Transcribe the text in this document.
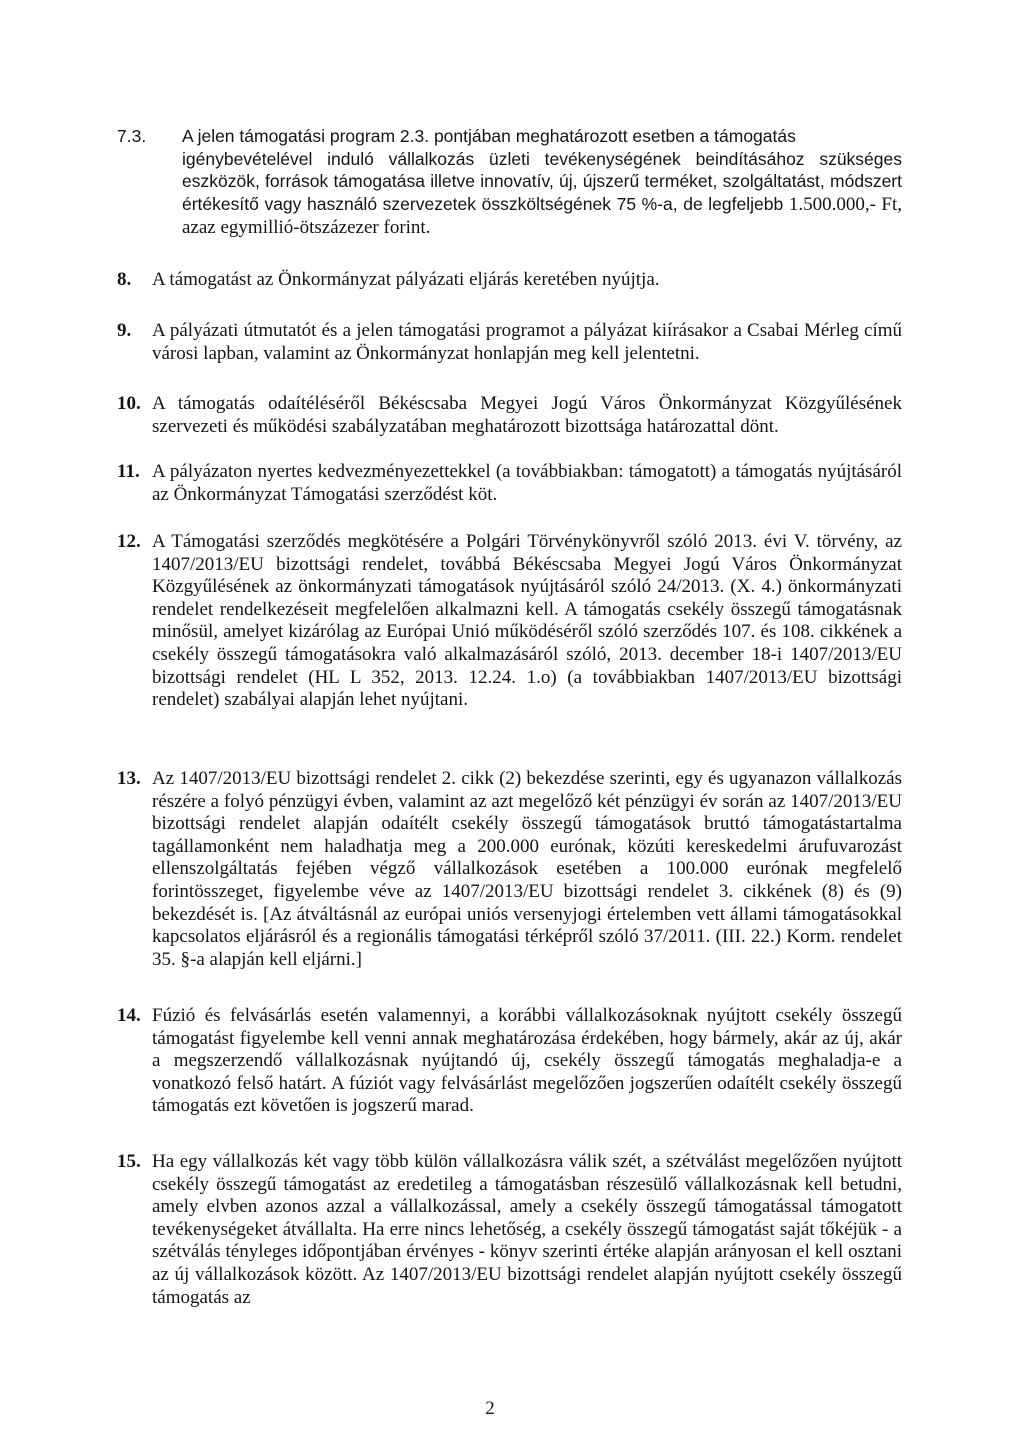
7.3.	A jelen támogatási program 2.3. pontjában meghatározott esetben a támogatás
igénybevételével induló vállalkozás üzleti tevékenységének beindításához szükséges eszközök, források támogatása illetve innovatív, új, újszerű terméket, szolgáltatást, módszert értékesítő vagy használó szervezetek összköltségének 75 %-a, de legfeljebb 1.500.000,- Ft, azaz egymillió-ötszázezer forint.
8.	A támogatást az Önkormányzat pályázati eljárás keretében nyújtja.
9.	A pályázati útmutatót és a jelen támogatási programot a pályázat kiírásakor a Csabai Mérleg című városi lapban, valamint az Önkormányzat honlapján meg kell jelentetni.
10. A támogatás odaítéléséről Békéscsaba Megyei Jogú Város Önkormányzat Közgyűlésének szervezeti és működési szabályzatában meghatározott bizottsága határozattal dönt.
11. A pályázaton nyertes kedvezményezettekkel (a továbbiakban: támogatott) a támogatás nyújtásáról az Önkormányzat Támogatási szerződést köt.
12. A Támogatási szerződés megkötésére a Polgári Törvénykönyvről szóló 2013. évi V. törvény, az 1407/2013/EU bizottsági rendelet, továbbá Békéscsaba Megyei Jogú Város Önkormányzat Közgyűlésének az önkormányzati támogatások nyújtásáról szóló 24/2013. (X. 4.) önkormányzati rendelet rendelkezéseit megfelelően alkalmazni kell. A támogatás csekély összegű támogatásnak minősül, amelyet kizárólag az Európai Unió működéséről szóló szerződés 107. és 108. cikkének a csekély összegű támogatásokra való alkalmazásáról szóló, 2013. december 18-i 1407/2013/EU bizottsági rendelet (HL L 352, 2013. 12.24. 1.o) (a továbbiakban 1407/2013/EU bizottsági rendelet) szabályai alapján lehet nyújtani.
13. Az 1407/2013/EU bizottsági rendelet 2. cikk (2) bekezdése szerinti, egy és ugyanazon vállalkozás részére a folyó pénzügyi évben, valamint az azt megelőző két pénzügyi év során az 1407/2013/EU bizottsági rendelet alapján odaítélt csekély összegű támogatások bruttó támogatástartalma tagállamonként nem haladhatja meg a 200.000 eurónak, közúti kereskedelmi árufuvarozást ellenszolgáltatás fejében végző vállalkozások esetében a 100.000 eurónak megfelelő forintösszeget, figyelembe véve az 1407/2013/EU bizottsági rendelet 3. cikkének (8) és (9) bekezdését is. [Az átváltásnál az európai uniós versenyjogi értelemben vett állami támogatásokkal kapcsolatos eljárásról és a regionális támogatási térképről szóló 37/2011. (III. 22.) Korm. rendelet 35. §-a alapján kell eljárni.]
14. Fúzió és felvásárlás esetén valamennyi, a korábbi vállalkozásoknak nyújtott csekély összegű támogatást figyelembe kell venni annak meghatározása érdekében, hogy bármely, akár az új, akár a megszerzendő vállalkozásnak nyújtandó új, csekély összegű támogatás meghaladja-e a vonatkozó felső határt. A fúziót vagy felvásárlást megelőzően jogszerűen odaítélt csekély összegű támogatás ezt követően is jogszerű marad.
15. Ha egy vállalkozás két vagy több külön vállalkozásra válik szét, a szétválást megelőzően nyújtott csekély összegű támogatást az eredetileg a támogatásban részesülő vállalkozásnak kell betudni, amely elvben azonos azzal a vállalkozással, amely a csekély összegű támogatással támogatott tevékenységeket átvállalta. Ha erre nincs lehetőség, a csekély összegű támogatást saját tőkéjük - a szétválás tényleges időpontjában érvényes - könyv szerinti értéke alapján arányosan el kell osztani az új vállalkozások között. Az 1407/2013/EU bizottsági rendelet alapján nyújtott csekély összegű támogatás az
2
